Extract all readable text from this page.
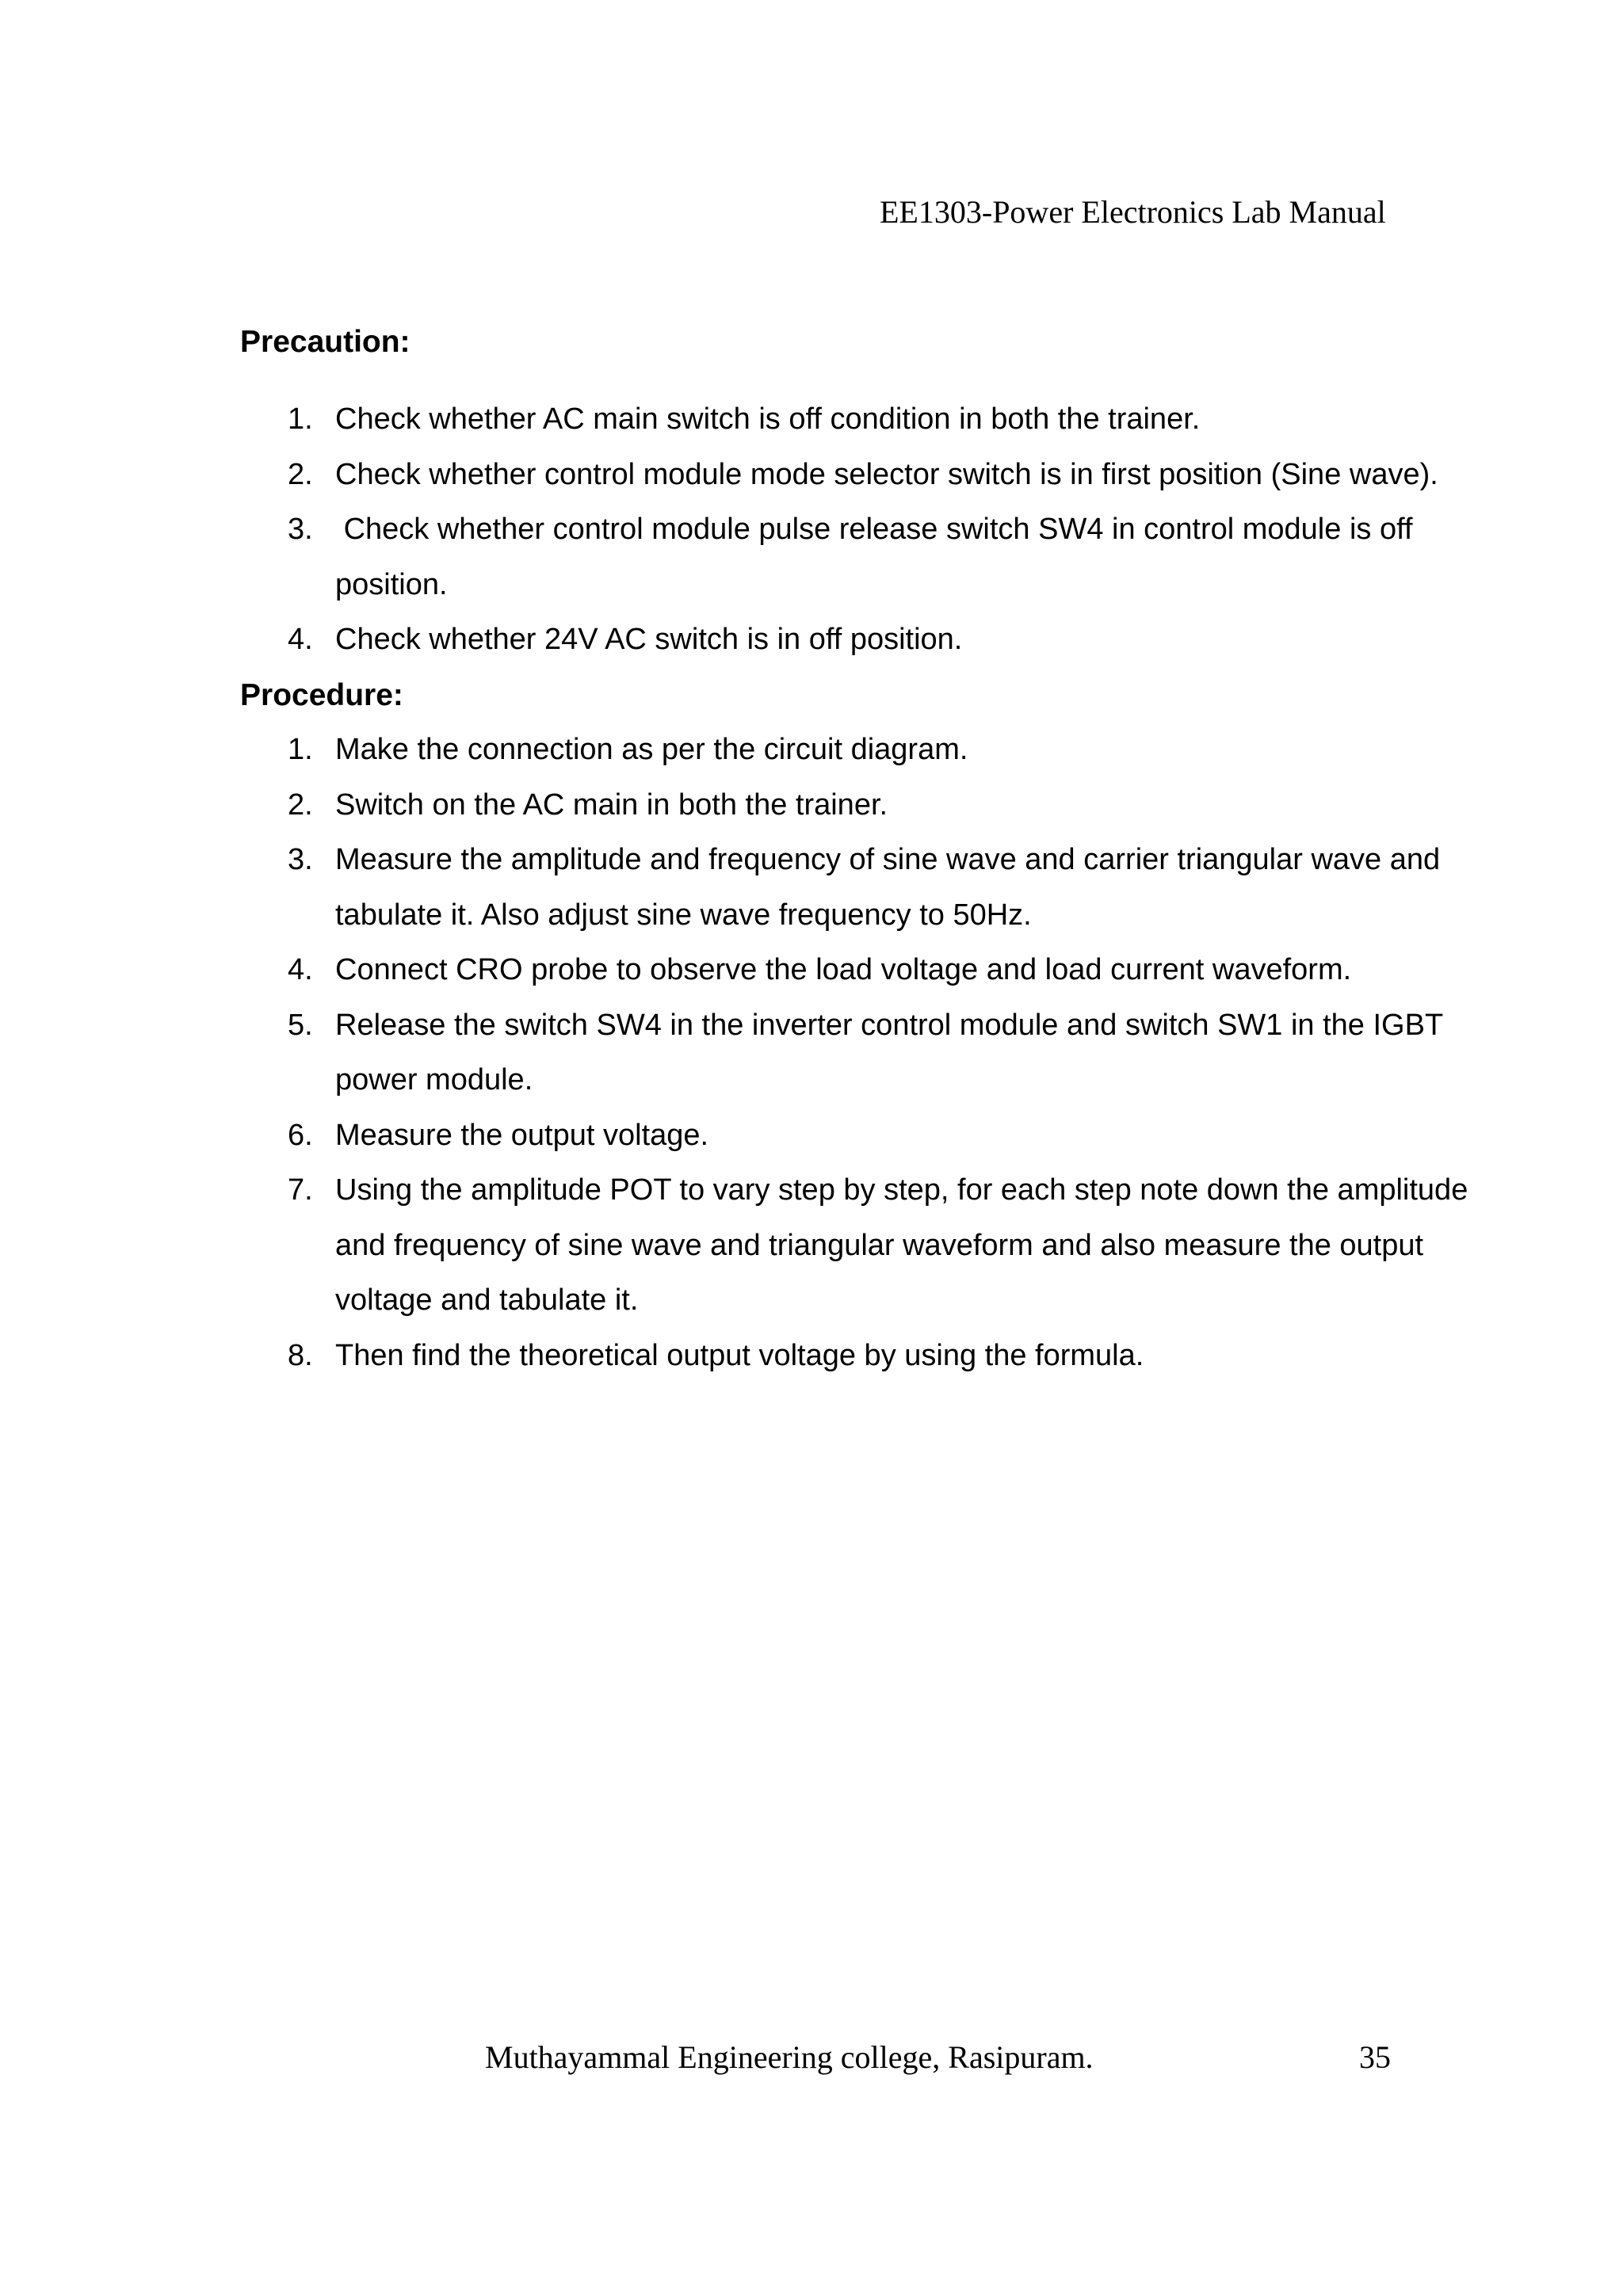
EE1303-Power Electronics Lab Manual
Precaution:
1. Check whether AC main switch is off condition in both the trainer.
2. Check whether control module mode selector switch is in first position (Sine wave).
3. Check whether control module pulse release switch SW4 in control module is off position.
4. Check whether 24V AC switch is in off position.
Procedure:
1. Make the connection as per the circuit diagram.
2. Switch on the AC main in both the trainer.
3. Measure the amplitude and frequency of sine wave and carrier triangular wave and tabulate it. Also adjust sine wave frequency to 50Hz.
4. Connect CRO probe to observe the load voltage and load current waveform.
5. Release the switch SW4 in the inverter control module and switch SW1 in the IGBT power module.
6. Measure the output voltage.
7. Using the amplitude POT to vary step by step, for each step note down the amplitude and frequency of sine wave and triangular waveform and also measure the output voltage and tabulate it.
8. Then find the theoretical output voltage by using the formula.
Muthayammal Engineering college, Rasipuram.	35
